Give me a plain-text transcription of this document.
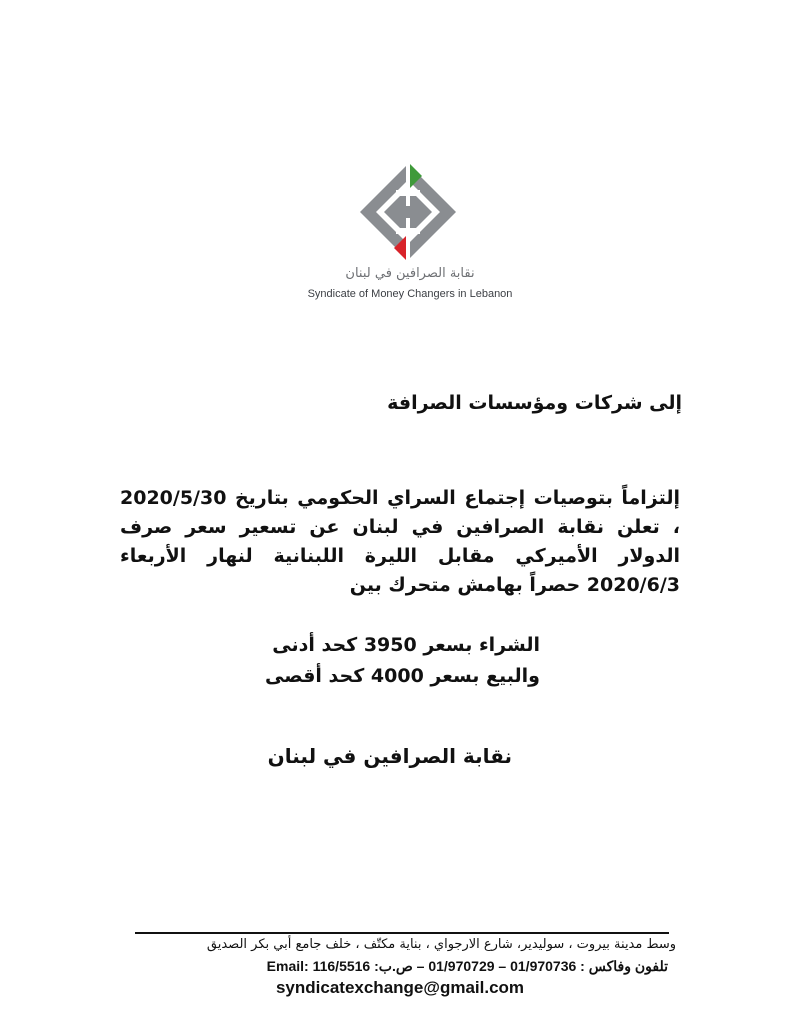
نقابة الصرافين في لبنان
Syndicate of Money Changers in Lebanon
إلى شركات ومؤسسات الصرافة
إلتزاماً بتوصيات إجتماع السراي الحكومي بتاريخ 2020/5/30 ، تعلن نقابة الصرافين في لبنان عن تسعير سعر صرف الدولار الأميركي مقابل الليرة اللبنانية لنهار الأربعاء 2020/6/3 حصراً بهامش متحرك بين
الشراء بسعر 3950 كحد أدنى
والبيع بسعر 4000 كحد أقصى
نقابة الصرافين في لبنان
وسط مدينة بيروت ، سوليدير، شارع الارجواي ، بناية مكتّف ، خلف جامع أبي بكر الصديق
تلفون وفاكس : 01/970736 – 01/970729 – ص.ب: 116/5516 :Email
syndicatexchange@gmail.com
